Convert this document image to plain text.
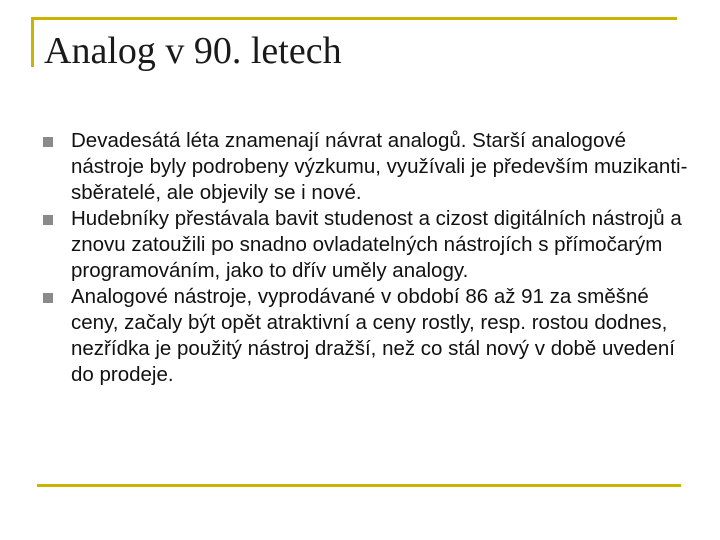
Analog v 90. letech
Devadesátá léta znamenají návrat analogů. Starší analogové nástroje byly podrobeny výzkumu, využívali je především muzikanti-sběratelé, ale objevily se i nové.
Hudebníky přestávala bavit studenost a cizost digitálních nástrojů a znovu zatoužili po snadno ovladatelných nástrojích s přímočarým programováním, jako to dřív uměly analogy.
Analogové nástroje, vyprodávané v období 86 až 91 za směšné ceny, začaly být opět atraktivní a ceny rostly, resp. rostou dodnes, nezřídka je použitý nástroj dražší, než co stál nový v době uvedení do prodeje.
